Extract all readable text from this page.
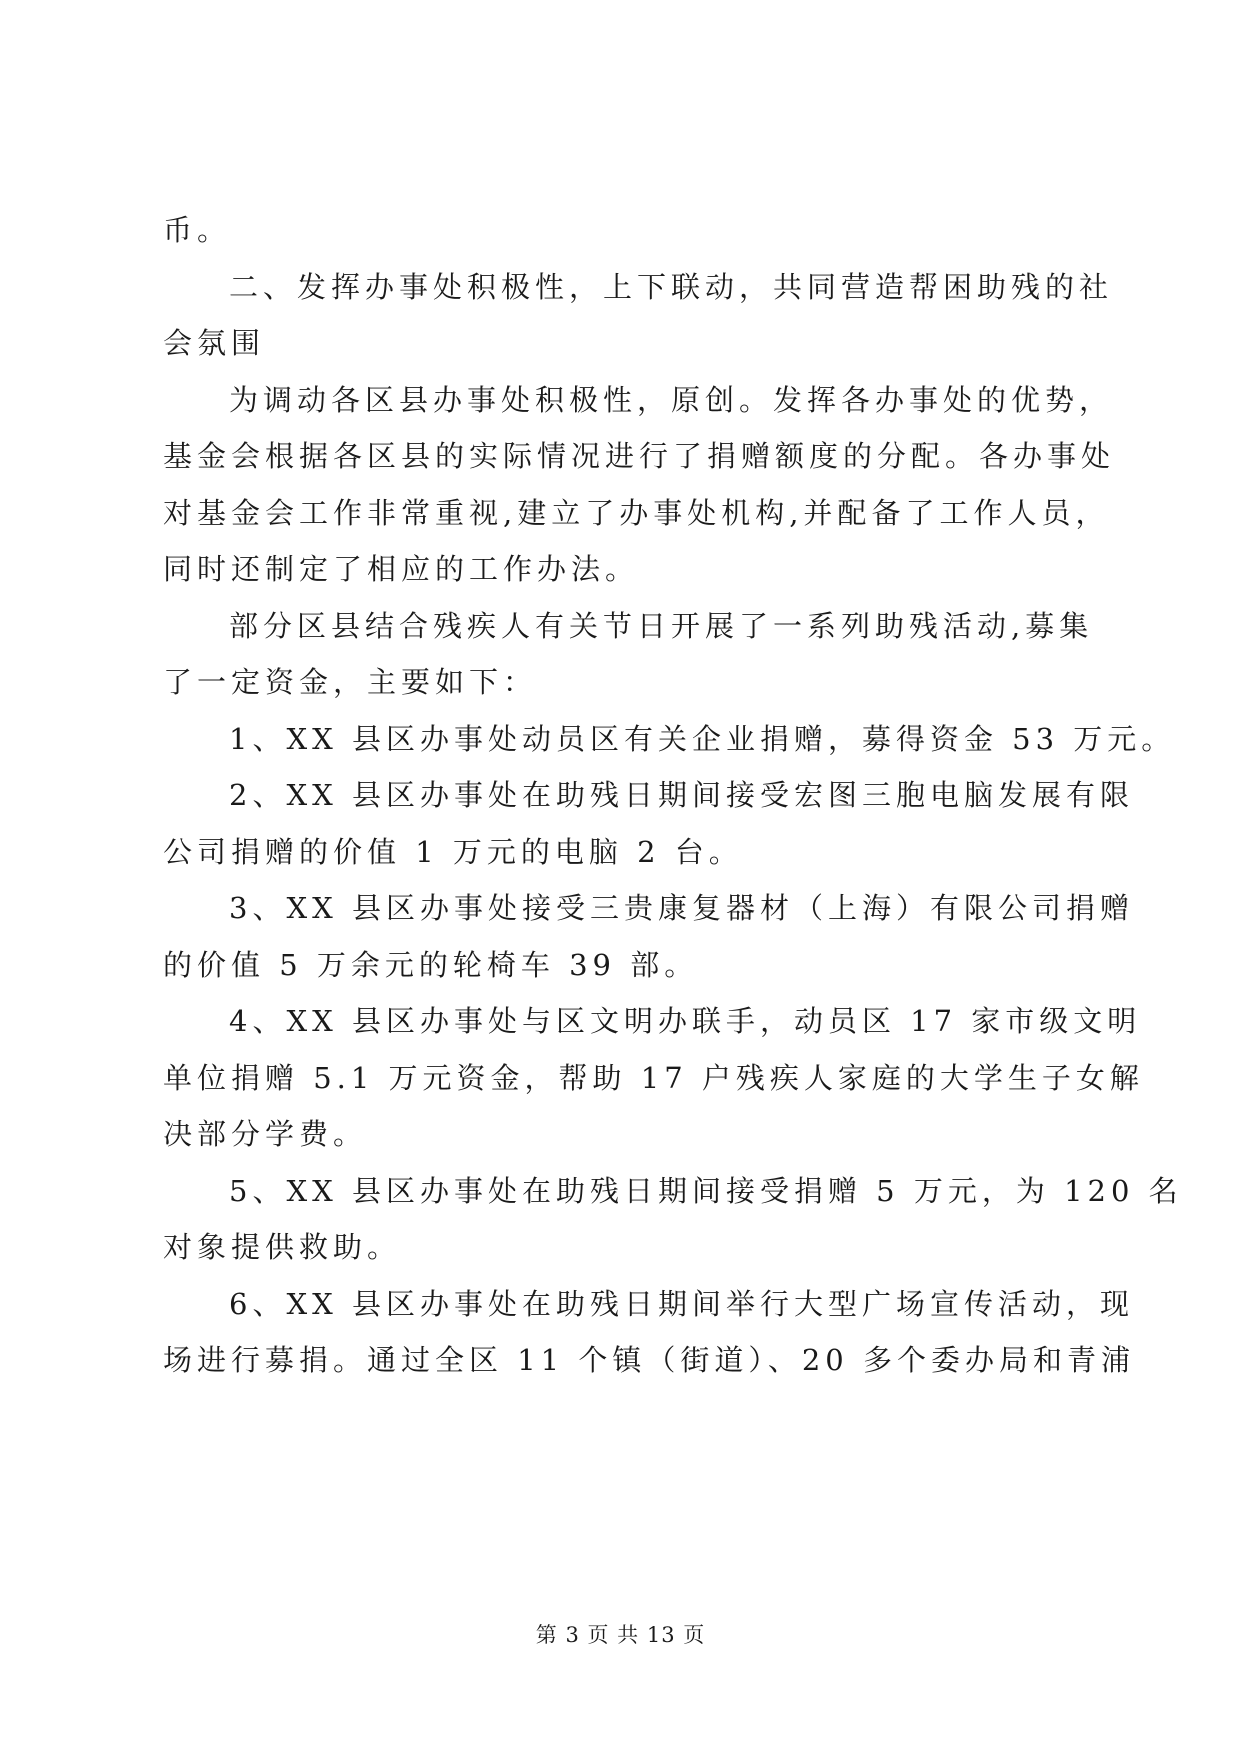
币。
二、发挥办事处积极性，上下联动，共同营造帮困助残的社
会氛围
为调动各区县办事处积极性，原创。发挥各办事处的优势，
基金会根据各区县的实际情况进行了捐赠额度的分配。各办事处
对基金会工作非常重视,建立了办事处机构,并配备了工作人员，
同时还制定了相应的工作办法。
部分区县结合残疾人有关节日开展了一系列助残活动,募集
了一定资金，主要如下：
1、XX 县区办事处动员区有关企业捐赠，募得资金 53 万元。
2、XX 县区办事处在助残日期间接受宏图三胞电脑发展有限
公司捐赠的价值 1 万元的电脑 2 台。
3、XX 县区办事处接受三贵康复器材（上海）有限公司捐赠
的价值 5 万余元的轮椅车 39 部。
4、XX 县区办事处与区文明办联手，动员区 17 家市级文明
单位捐赠 5.1 万元资金，帮助 17 户残疾人家庭的大学生子女解
决部分学费。
5、XX 县区办事处在助残日期间接受捐赠 5 万元，为 120 名
对象提供救助。
6、XX 县区办事处在助残日期间举行大型广场宣传活动，现
场进行募捐。通过全区 11 个镇（街道）、20 多个委办局和青浦
第 3 页 共 13 页
